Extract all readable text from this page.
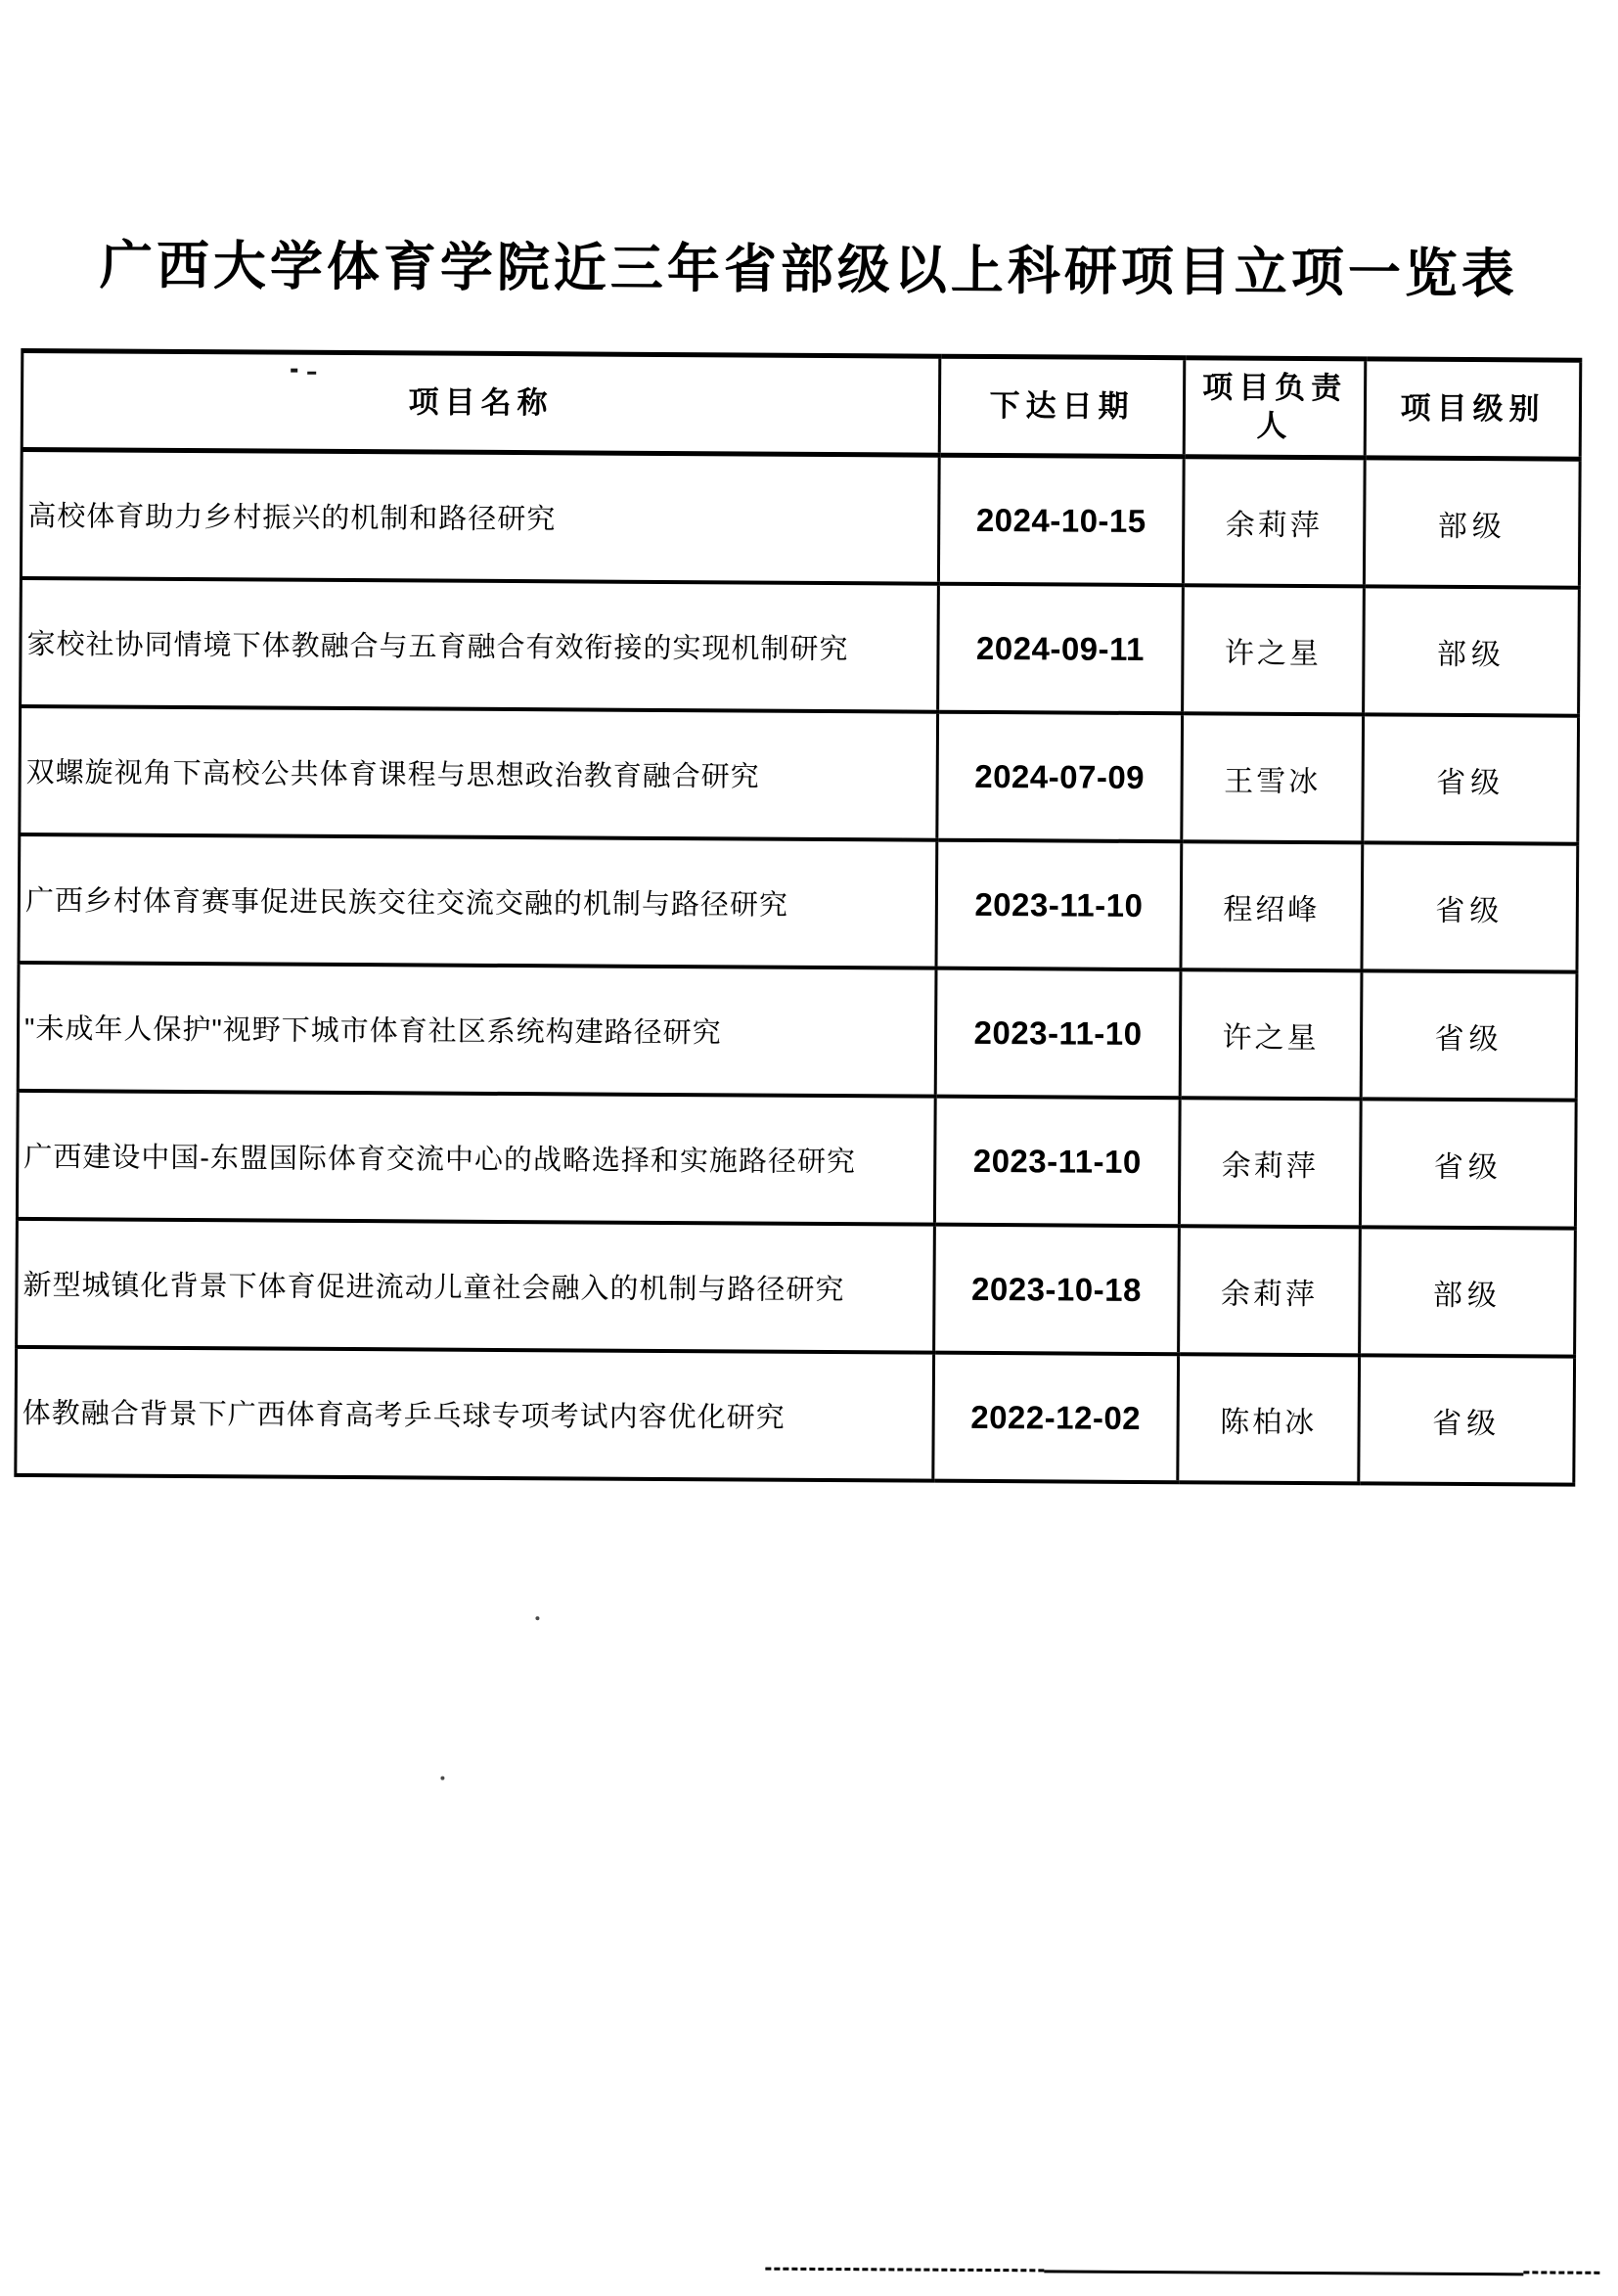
广西大学体育学院近三年省部级以上科研项目立项一览表
项目名称	下达日期	项目负责人	项目级别
高校体育助力乡村振兴的机制和路径研究	2024-10-15	余莉萍	部级
家校社协同情境下体教融合与五育融合有效衔接的实现机制研究	2024-09-11	许之星	部级
双螺旋视角下高校公共体育课程与思想政治教育融合研究	2024-07-09	王雪冰	省级
广西乡村体育赛事促进民族交往交流交融的机制与路径研究	2023-11-10	程绍峰	省级
"未成年人保护"视野下城市体育社区系统构建路径研究	2023-11-10	许之星	省级
广西建设中国-东盟国际体育交流中心的战略选择和实施路径研究	2023-11-10	余莉萍	省级
新型城镇化背景下体育促进流动儿童社会融入的机制与路径研究	2023-10-18	余莉萍	部级
体教融合背景下广西体育高考乒乓球专项考试内容优化研究	2022-12-02	陈柏冰	省级
